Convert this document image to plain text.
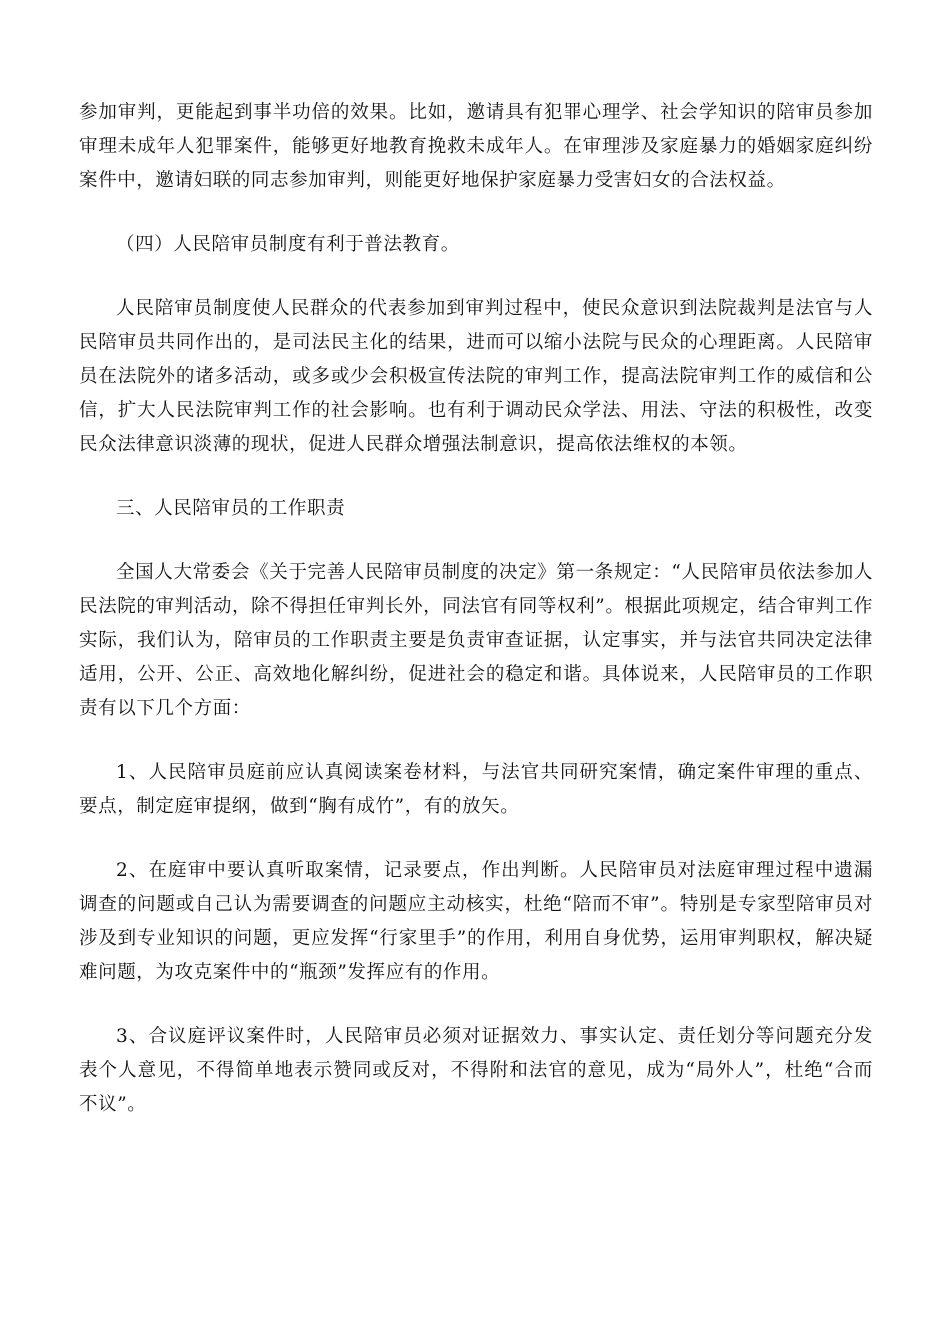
参加审判，更能起到事半功倍的效果。比如，邀请具有犯罪心理学、社会学知识的陪审员参加审理未成年人犯罪案件，能够更好地教育挽救未成年人。在审理涉及家庭暴力的婚姻家庭纠纷案件中，邀请妇联的同志参加审判，则能更好地保护家庭暴力受害妇女的合法权益。

（四）人民陪审员制度有利于普法教育。

人民陪审员制度使人民群众的代表参加到审判过程中，使民众意识到法院裁判是法官与人民陪审员共同作出的，是司法民主化的结果，进而可以缩小法院与民众的心理距离。人民陪审员在法院外的诸多活动，或多或少会积极宣传法院的审判工作，提高法院审判工作的威信和公信，扩大人民法院审判工作的社会影响。也有利于调动民众学法、用法、守法的积极性，改变民众法律意识淡薄的现状，促进人民群众增强法制意识，提高依法维权的本领。

三、人民陪审员的工作职责

全国人大常委会《关于完善人民陪审员制度的决定》第一条规定：“人民陪审员依法参加人民法院的审判活动，除不得担任审判长外，同法官有同等权利”。根据此项规定，结合审判工作实际，我们认为，陪审员的工作职责主要是负责审查证据，认定事实，并与法官共同决定法律适用，公开、公正、高效地化解纠纷，促进社会的稳定和谐。具体说来，人民陪审员的工作职责有以下几个方面：

1、人民陪审员庭前应认真阅读案卷材料，与法官共同研究案情，确定案件审理的重点、要点，制定庭审提纲，做到“胸有成竹”，有的放矢。

2、在庭审中要认真听取案情，记录要点，作出判断。人民陪审员对法庭审理过程中遗漏调查的问题或自己认为需要调查的问题应主动核实，杜绝“陪而不审”。特别是专家型陪审员对涉及到专业知识的问题，更应发挥“行家里手”的作用，利用自身优势，运用审判职权，解决疑难问题，为攻克案件中的“瓶颈”发挥应有的作用。

3、合议庭评议案件时，人民陪审员必须对证据效力、事实认定、责任划分等问题充分发表个人意见，不得简单地表示赞同或反对，不得附和法官的意见，成为“局外人”，杜绝“合而不议”。
